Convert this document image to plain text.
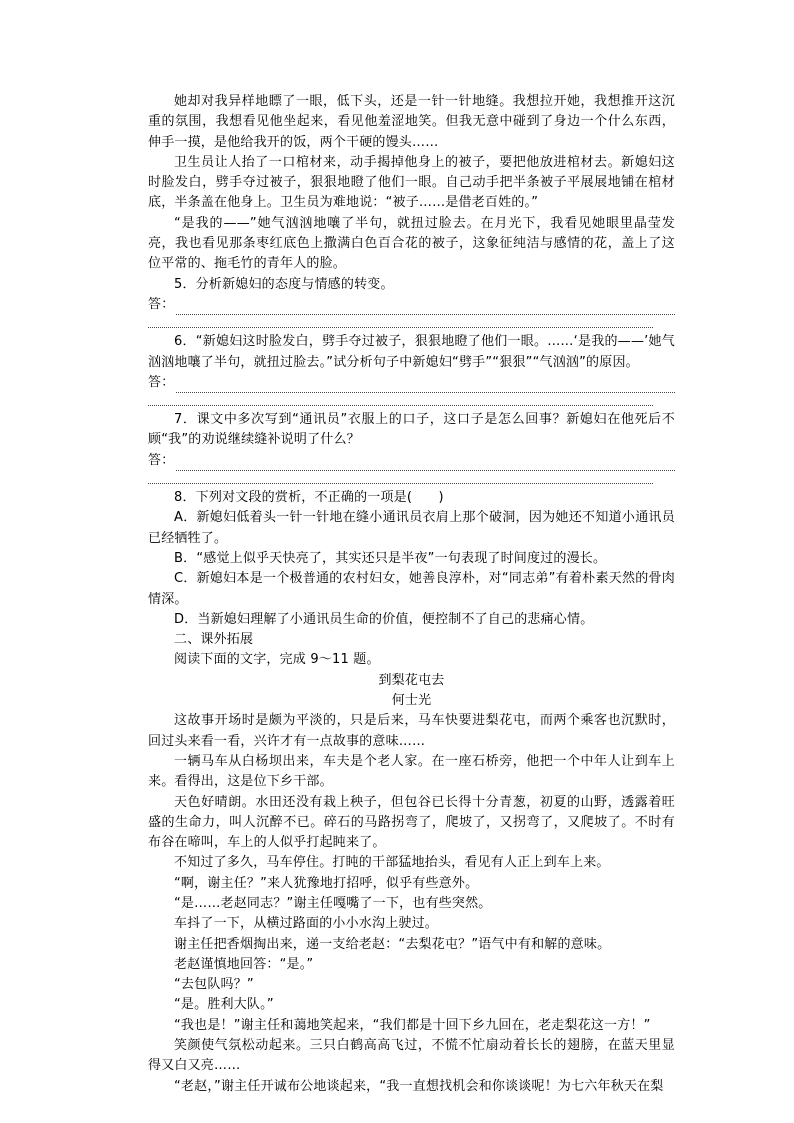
她却对我异样地瞟了一眼，低下头，还是一针一针地缝。我想拉开她，我想推开这沉重的氛围，我想看见他坐起来，看见他羞涩地笑。但我无意中碰到了身边一个什么东西，伸手一摸，是他给我开的饭，两个干硬的馒头……

卫生员让人抬了一口棺材来，动手揭掉他身上的被子，要把他放进棺材去。新媳妇这时脸发白，劈手夺过被子，狠狠地瞪了他们一眼。自己动手把半条被子平展展地铺在棺材底，半条盖在他身上。卫生员为难地说：“被子……是借老百姓的。”

“是我的——”她气汹汹地嚷了半句，就扭过脸去。在月光下，我看见她眼里晶莹发亮，我也看见那条枣红底色上撒满白色百合花的被子，这象征纯洁与感情的花，盖上了这位平常的、拖毛竹的青年人的脸。

5．分析新媳妇的态度与情感的转变。

答：

6．“新媳妇这时脸发白，劈手夺过被子，狠狠地瞪了他们一眼。……‘是我的——’她气汹汹地嚷了半句，就扭过脸去。”试分析句子中新媳妇“劈手”“狠狠”“气汹汹”的原因。

答：

7．课文中多次写到“通讯员”衣服上的口子，这口子是怎么回事？新媳妇在他死后不顾“我”的劝说继续缝补说明了什么？

答：

8．下列对文段的赏析，不正确的一项是(　　)

A．新媳妇低着头一针一针地在缝小通讯员衣肩上那个破洞，因为她还不知道小通讯员已经牺牲了。

B．“感觉上似乎天快亮了，其实还只是半夜”一句表现了时间度过的漫长。

C．新媳妇本是一个极普通的农村妇女，她善良淳朴，对“同志弟”有着朴素天然的骨肉情深。

D．当新媳妇理解了小通讯员生命的价值，便控制不了自己的悲痛心情。

二、课外拓展

阅读下面的文字，完成 9～11 题。

到梨花屯去

何士光

这故事开场时是颇为平淡的，只是后来，马车快要进梨花屯，而两个乘客也沉默时，回过头来看一看，兴许才有一点故事的意味……

一辆马车从白杨坝出来，车夫是个老人家。在一座石桥旁，他把一个中年人让到车上来。看得出，这是位下乡干部。

天色好晴朗。水田还没有栽上秧子，但包谷已长得十分青葱，初夏的山野，透露着旺盛的生命力，叫人沉醉不已。碎石的马路拐弯了，爬坡了，又拐弯了，又爬坡了。不时有布谷在啼叫，车上的人似乎打起盹来了。

不知过了多久，马车停住。打盹的干部猛地抬头，看见有人正上到车上来。

“啊，谢主任？”来人犹豫地打招呼，似乎有些意外。

“是……老赵同志？”谢主任嘎嘴了一下，也有些突然。

车抖了一下，从横过路面的小小水沟上驶过。

谢主任把香烟掏出来，递一支给老赵：“去梨花屯？”语气中有和解的意味。

老赵谨慎地回答：“是。”

“去包队吗？”

“是。胜利大队。”

“我也是！”谢主任和蔼地笑起来，“我们都是十回下乡九回在，老走梨花这一方！”

笑颜使气氛松动起来。三只白鹤高高飞过，不慌不忙扇动着长长的翅膀，在蓝天里显得又白又亮……

“老赵，”谢主任开诚布公地谈起来，“我一直想找机会和你谈谈呢！为七六年秋天在梨
